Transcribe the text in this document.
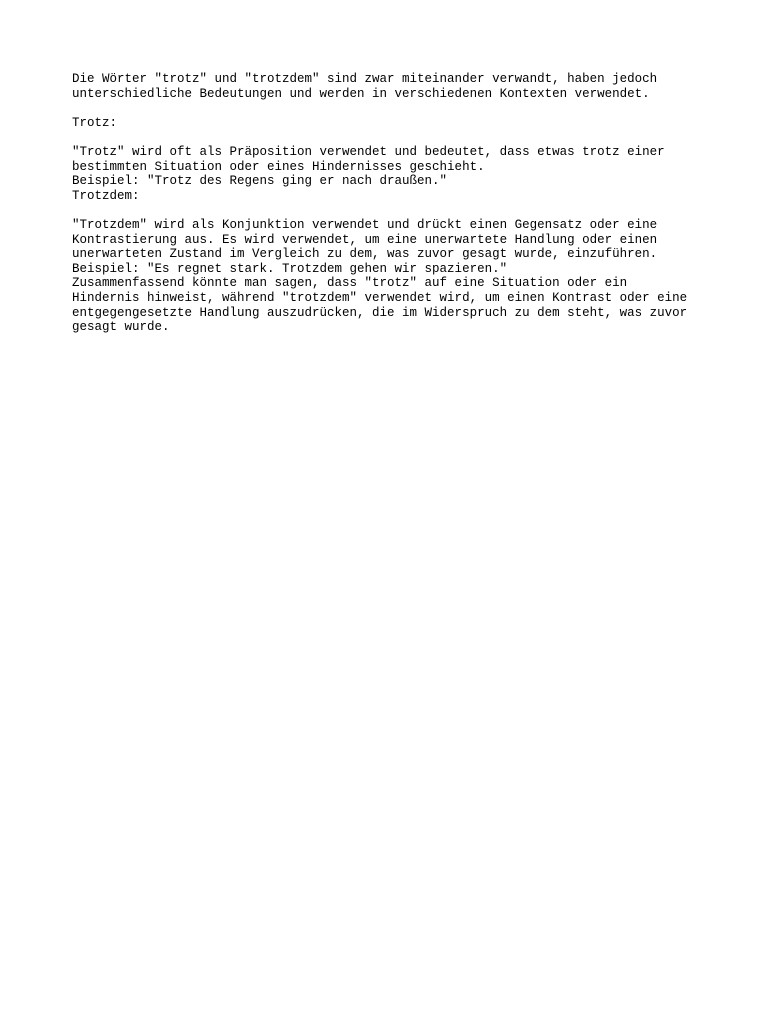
Die Wörter "trotz" und "trotzdem" sind zwar miteinander verwandt, haben jedoch
unterschiedliche Bedeutungen und werden in verschiedenen Kontexten verwendet.
Trotz:
"Trotz" wird oft als Präposition verwendet und bedeutet, dass etwas trotz einer
bestimmten Situation oder eines Hindernisses geschieht.
Beispiel: "Trotz des Regens ging er nach draußen."
Trotzdem:
"Trotzdem" wird als Konjunktion verwendet und drückt einen Gegensatz oder eine
Kontrastierung aus. Es wird verwendet, um eine unerwartete Handlung oder einen
unerwarteten Zustand im Vergleich zu dem, was zuvor gesagt wurde, einzuführen.
Beispiel: "Es regnet stark. Trotzdem gehen wir spazieren."
Zusammenfassend könnte man sagen, dass "trotz" auf eine Situation oder ein
Hindernis hinweist, während "trotzdem" verwendet wird, um einen Kontrast oder eine
entgegengesetzte Handlung auszudrücken, die im Widerspruch zu dem steht, was zuvor
gesagt wurde.
